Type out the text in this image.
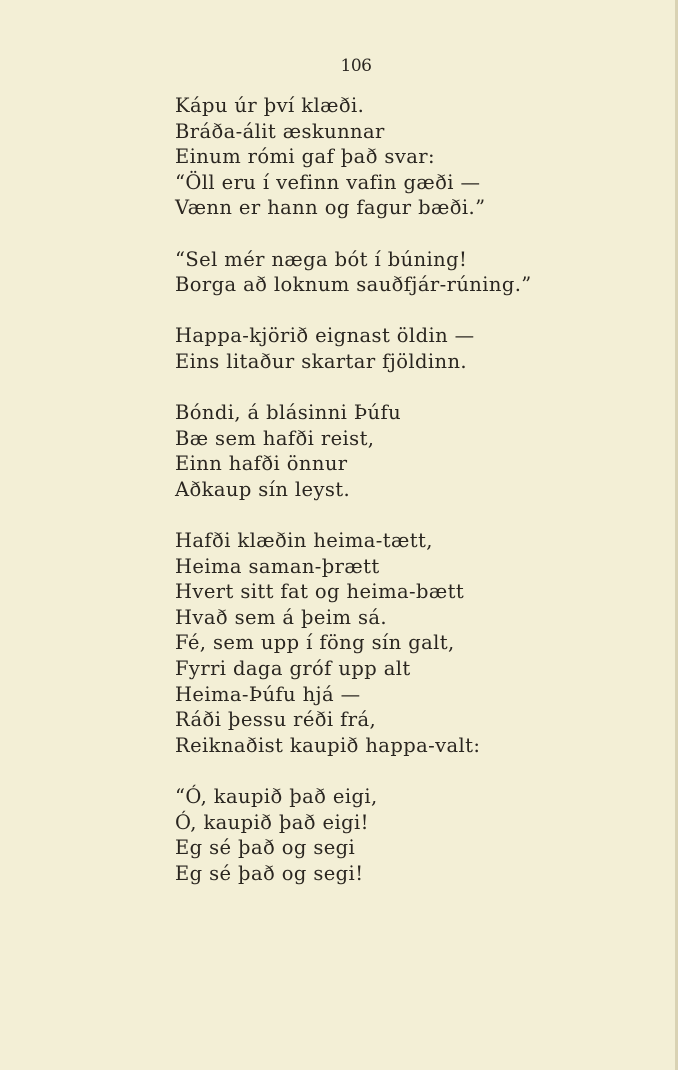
106
Kápu úr því klæði.
Bráða-álit æskunnar
Einum rómi gaf það svar:
“Öll eru í vefinn vafin gæði —
Vænn er hann og fagur bæði.”
“Sel mér næga bót í búning!
Borga að loknum sauðfjár-rúning.”
Happa-kjörið eignast öldin —
Eins litaður skartar fjöldinn.
Bóndi, á blásinni Þúfu
Bæ sem hafði reist,
Einn hafði önnur
Aðkaup sín leyst.
Hafði klæðin heima-tætt,
Heima saman-þrætt
Hvert sitt fat og heima-bætt
Hvað sem á þeim sá.
Fé, sem upp í föng sín galt,
Fyrri daga gróf upp alt
Heima-Þúfu hjá —
Ráði þessu réði frá,
Reiknaðist kaupið happa-valt:
“Ó, kaupið það eigi,
Ó, kaupið það eigi!
Eg sé það og segi
Eg sé það og segi!
